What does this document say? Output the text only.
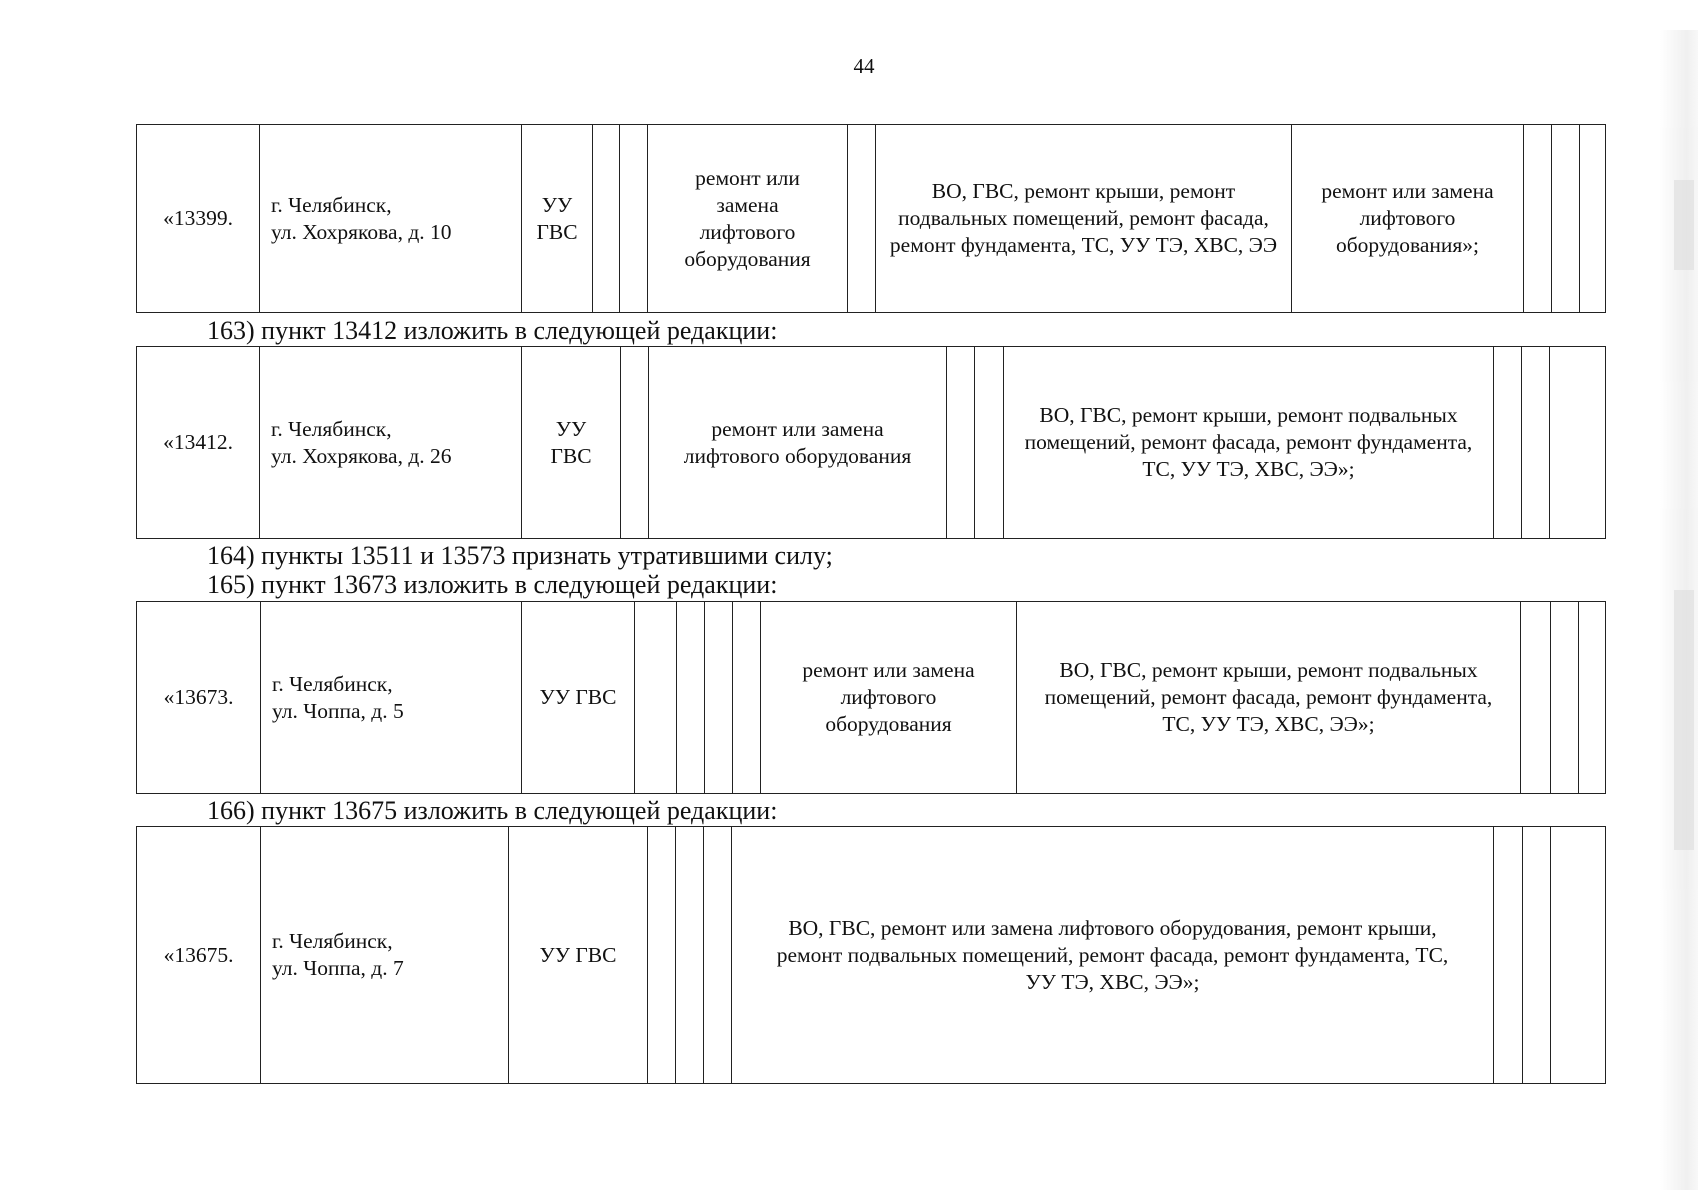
44
«13399.
г. Челябинск,
ул. Хохрякова, д. 10
УУ
ГВС
ремонт или замена лифтового оборудования
ВО, ГВС, ремонт крыши, ремонт подвальных помещений, ремонт фасада, ремонт фундамента, ТС, УУ ТЭ, ХВС, ЭЭ
ремонт или замена лифтового оборудования»;
163) пункт 13412 изложить в следующей редакции:
«13412.
г. Челябинск,
ул. Хохрякова, д. 26
УУ
ГВС
ремонт или замена лифтового оборудования
ВО, ГВС, ремонт крыши, ремонт подвальных помещений, ремонт фасада, ремонт фундамента, ТС, УУ ТЭ, ХВС, ЭЭ»;
164) пункты 13511 и 13573 признать утратившими силу;
165) пункт 13673 изложить в следующей редакции:
«13673.
г. Челябинск,
ул. Чоппа, д. 5
УУ ГВС
ремонт или замена лифтового оборудования
ВО, ГВС, ремонт крыши, ремонт подвальных помещений, ремонт фасада, ремонт фундамента, ТС, УУ ТЭ, ХВС, ЭЭ»;
166) пункт 13675 изложить в следующей редакции:
«13675.
г. Челябинск,
ул. Чоппа, д. 7
УУ ГВС
ВО, ГВС, ремонт или замена лифтового оборудования, ремонт крыши, ремонт подвальных помещений, ремонт фасада, ремонт фундамента, ТС, УУ ТЭ, ХВС, ЭЭ»;
